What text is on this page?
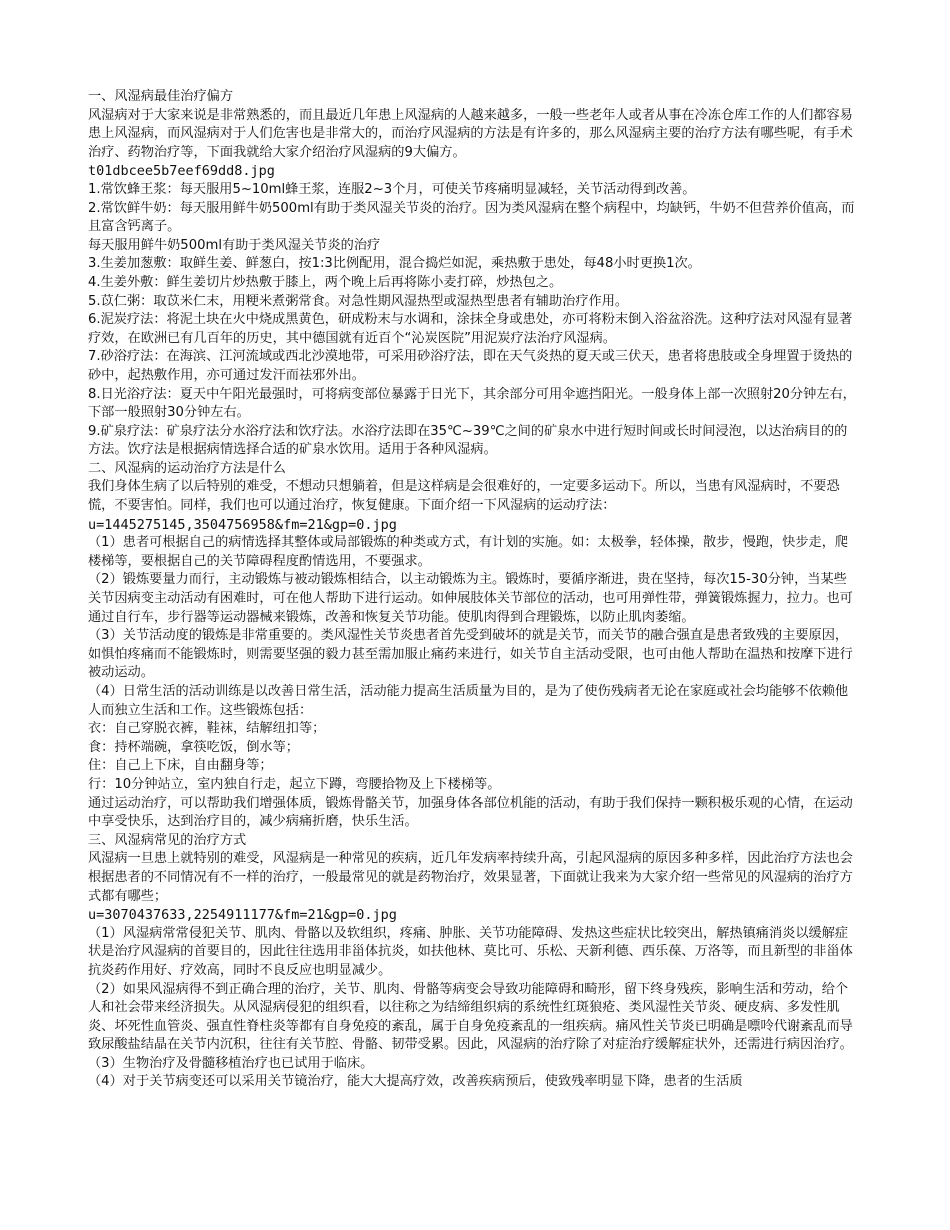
一、风湿病最佳治疗偏方

风湿病对于大家来说是非常熟悉的，而且最近几年患上风湿病的人越来越多，一般一些老年人或者从事在冷冻仓库工作的人们都容易患上风湿病，而风湿病对于人们危害也是非常大的，而治疗风湿病的方法是有许多的，那么风湿病主要的治疗方法有哪些呢，有手术治疗、药物治疗等，下面我就给大家介绍治疗风湿病的9大偏方。

t01dbcee5b7eef69dd8.jpg

1.常饮蜂王浆：每天服用5~10ml蜂王浆，连服2~3个月，可使关节疼痛明显减轻，关节活动得到改善。

2.常饮鲜牛奶：每天服用鲜牛奶500ml有助于类风湿关节炎的治疗。因为类风湿病在整个病程中，均缺钙，牛奶不但营养价值高，而且富含钙离子。

每天服用鲜牛奶500ml有助于类风湿关节炎的治疗

3.生姜加葱敷：取鲜生姜、鲜葱白，按1:3比例配用，混合捣烂如泥，乘热敷于患处，每48小时更换1次。

4.生姜外敷：鲜生姜切片炒热敷于膝上，两个晚上后再将陈小麦打碎，炒热包之。

5.苡仁粥：取苡米仁末，用粳米煮粥常食。对急性期风湿热型或湿热型患者有辅助治疗作用。

6.泥炭疗法：将泥土块在火中烧成黑黄色，研成粉末与水调和，涂抹全身或患处，亦可将粉末倒入浴盆浴洗。这种疗法对风湿有显著疗效，在欧洲已有几百年的历史，其中德国就有近百个“沁炭医院”用泥炭疗法治疗风湿病。

7.砂浴疗法：在海滨、江河流域或西北沙漠地带，可采用砂浴疗法，即在天气炎热的夏天或三伏天，患者将患肢或全身埋置于烫热的砂中，起热敷作用，亦可通过发汗而祛邪外出。

8.日光浴疗法：夏天中午阳光最强时，可将病变部位暴露于日光下，其余部分可用伞遮挡阳光。一般身体上部一次照射20分钟左右，下部一般照射30分钟左右。

9.矿泉疗法：矿泉疗法分水浴疗法和饮疗法。水浴疗法即在35℃~39℃之间的矿泉水中进行短时间或长时间浸泡，以达治病目的的方法。饮疗法是根据病情选择合适的矿泉水饮用。适用于各种风湿病。

二、风湿病的运动治疗方法是什么

我们身体生病了以后特别的难受，不想动只想躺着，但是这样病是会很难好的，一定要多运动下。所以，当患有风湿病时，不要恐慌，不要害怕。同样，我们也可以通过治疗，恢复健康。下面介绍一下风湿病的运动疗法：

u=1445275145,3504756958&fm=21&gp=0.jpg

（1）患者可根据自己的病情选择其整体或局部锻炼的种类或方式，有计划的实施。如：太极拳，轻体操，散步，慢跑，快步走，爬楼梯等，要根据自己的关节障碍程度酌情选用，不要强求。

（2）锻炼要量力而行，主动锻炼与被动锻炼相结合，以主动锻炼为主。锻炼时，要循序渐进，贵在坚持，每次15-30分钟，当某些关节因病变主动活动有困难时，可在他人帮助下进行运动。如伸展肢体关节部位的活动，也可用弹性带，弹簧锻炼握力，拉力。也可通过自行车，步行器等运动器械来锻炼，改善和恢复关节功能。使肌肉得到合理锻炼，以防止肌肉萎缩。

（3）关节活动度的锻炼是非常重要的。类风湿性关节炎患者首先受到破坏的就是关节，而关节的融合强直是患者致残的主要原因，如惧怕疼痛而不能锻炼时，则需要坚强的毅力甚至需加服止痛药来进行，如关节自主活动受限，也可由他人帮助在温热和按摩下进行被动运动。

（4）日常生活的活动训练是以改善日常生活，活动能力提高生活质量为目的，是为了使伤残病者无论在家庭或社会均能够不依赖他人而独立生活和工作。这些锻炼包括：

衣：自己穿脱衣裤，鞋袜，结解纽扣等；

食：持杯端碗，拿筷吃饭，倒水等；

住：自己上下床，自由翻身等；

行：10分钟站立，室内独自行走，起立下蹲，弯腰拾物及上下楼梯等。

通过运动治疗，可以帮助我们增强体质，锻炼骨骼关节，加强身体各部位机能的活动，有助于我们保持一颗积极乐观的心情，在运动中享受快乐，达到治疗目的，减少病痛折磨，快乐生活。

三、风湿病常见的治疗方式

风湿病一旦患上就特别的难受，风湿病是一种常见的疾病，近几年发病率持续升高，引起风湿病的原因多种多样，因此治疗方法也会根据患者的不同情况有不一样的治疗，一般最常见的就是药物治疗，效果显著，下面就让我来为大家介绍一些常见的风湿病的治疗方式都有哪些；

u=3070437633,2254911177&fm=21&gp=0.jpg

（1）风湿病常常侵犯关节、肌肉、骨骼以及软组织，疼痛、肿胀、关节功能障碍、发热这些症状比较突出，解热镇痛消炎以缓解症状是治疗风湿病的首要目的，因此往往选用非甾体抗炎，如扶他林、莫比可、乐松、天新利德、西乐葆、万洛等，而且新型的非甾体抗炎药作用好、疗效高，同时不良反应也明显减少。

（2）如果风湿病得不到正确合理的治疗，关节、肌肉、骨骼等病变会导致功能障碍和畸形，留下终身残疾，影响生活和劳动，给个人和社会带来经济损失。从风湿病侵犯的组织看，以往称之为结缔组织病的系统性红斑狼疮、类风湿性关节炎、硬皮病、多发性肌炎、坏死性血管炎、强直性脊柱炎等都有自身免疫的紊乱，属于自身免疫紊乱的一组疾病。痛风性关节炎已明确是嘌呤代谢紊乱而导致尿酸盐结晶在关节内沉积，往往有关节腔、骨骼、韧带受累。因此，风湿病的治疗除了对症治疗缓解症状外，还需进行病因治疗。

（3）生物治疗及骨髓移植治疗也已试用于临床。

（4）对于关节病变还可以采用关节镜治疗，能大大提高疗效，改善疾病预后，使致残率明显下降，患者的生活质
